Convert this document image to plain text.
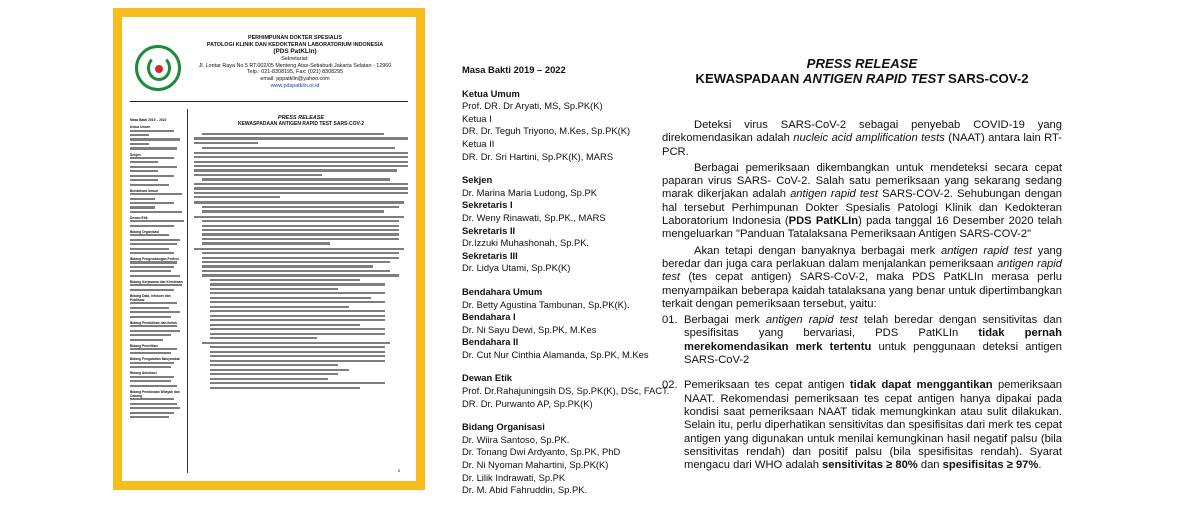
PERHIMPUNAN DOKTER SPESIALIS
PATOLOGI KLINIK DAN KEDOKTERAN LABORATORIUM INDONESIA
(PDS PatKLIn)
Sekretariat:
Jl. Lontar Raya No.5 RT.002/05 Menteng Atas-Setiabudi Jakarta Selatan - 12960
Telp.: 021-8308195, Fax: (021) 8308295
email: pppatklin@yahoo.com
www.pdspatklin.or.id
Masa Bakti 2019 – 2022
Ketua Umum
Sekjen
Bendahara Umum
Dewan Etik
Bidang Organisasi
Bidang Pengembangan Profesi
Bidang Kerjasama dan Kemitraan
Bidang Data, Infokom dan Publikasi
Bidang Pendidikan dan Ilmiah
Bidang Penelitian
Bidang Pengabdian Masyarakat
Bidang Advokasi
Bidang Pembinaan Wilayah dan Cabang
PRESS RELEASE
KEWASPADAAN ANTIGEN RAPID TEST SARS-COV-2
5
Masa Bakti 2019 – 2022
Ketua Umum
Prof. DR. Dr Aryati, MS, Sp.PK(K)
Ketua I
DR. Dr. Teguh Triyono, M.Kes, Sp.PK(K)
Ketua II
DR. Dr. Sri Hartini, Sp.PK(K), MARS
Sekjen
Dr. Marina Maria Ludong, Sp.PK
Sekretaris I
Dr. Weny Rinawati, Sp.PK., MARS
Sekretaris II
Dr.Izzuki Muhashonah, Sp.PK.
Sekretaris III
Dr. Lidya Utami, Sp.PK(K)
Bendahara Umum
Dr. Betty Agustina Tambunan, Sp.PK(K).
Bendahara I
Dr. Ni Sayu Dewi, Sp.PK, M.Kes
Bendahara II
Dr. Cut Nur Cinthia Alamanda, Sp.PK, M.Kes
Dewan Etik
Prof. Dr.Rahajuningsih DS, Sp.PK(K), DSc, FACT.
DR. Dr. Purwanto AP, Sp.PK(K)
Bidang Organisasi
Dr. Wiira Santoso, Sp.PK.
Dr. Tonang Dwi Ardyanto, Sp.PK, PhD
Dr. Ni Nyoman Mahartini, Sp.PK(K)
Dr. Lilik Indrawati, Sp.PK
Dr. M. Abid Fahruddin, Sp.PK.
PRESS RELEASE
KEWASPADAAN ANTIGEN RAPID TEST SARS-COV-2

Deteksi virus SARS-CoV-2 sebagai penyebab COVID-19 yang direkomendasikan adalah nucleic acid amplification tests (NAAT) antara lain RT-PCR.

Berbagai pemeriksaan dikembangkan untuk mendeteksi secara cepat paparan virus SARS- CoV-2. Salah satu pemeriksaan yang sekarang sedang marak dikerjakan adalah antigen rapid test SARS-COV-2. Sehubungan dengan hal tersebut Perhimpunan Dokter Spesialis Patologi Klinik dan Kedokteran Laboratorium Indonesia (PDS PatKLIn) pada tanggal 16 Desember 2020 telah mengeluarkan "Panduan Tatalaksana Pemeriksaan Antigen SARS-COV-2"

Akan tetapi dengan banyaknya berbagai merk antigen rapid test yang beredar dan juga cara perlakuan dalam menjalankan pemeriksaan antigen rapid test (tes cepat antigen) SARS-CoV-2, maka PDS PatKLIn merasa perlu menyampaikan beberapa kaidah tatalaksana yang benar untuk dipertimbangkan terkait dengan pemeriksaan tersebut, yaitu:

01. Berbagai merk antigen rapid test telah beredar dengan sensitivitas dan spesifisitas yang bervariasi, PDS PatKLIn tidak pernah merekomendasikan merk tertentu untuk penggunaan deteksi antigen SARS-CoV-2
02. Pemeriksaan tes cepat antigen tidak dapat menggantikan pemeriksaan NAAT. Rekomendasi pemeriksaan tes cepat antigen hanya dipakai pada kondisi saat pemeriksaan NAAT tidak memungkinkan atau sulit dilakukan. Selain itu, perlu diperhatikan sensitivitas dan spesifisitas dari merk tes cepat antigen yang digunakan untuk menilai kemungkinan hasil negatif palsu (bila sensitivitas rendah) dan positif palsu (bila spesifisitas rendah). Syarat mengacu dari WHO adalah sensitivitas ≥ 80% dan spesifisitas ≥ 97%.
